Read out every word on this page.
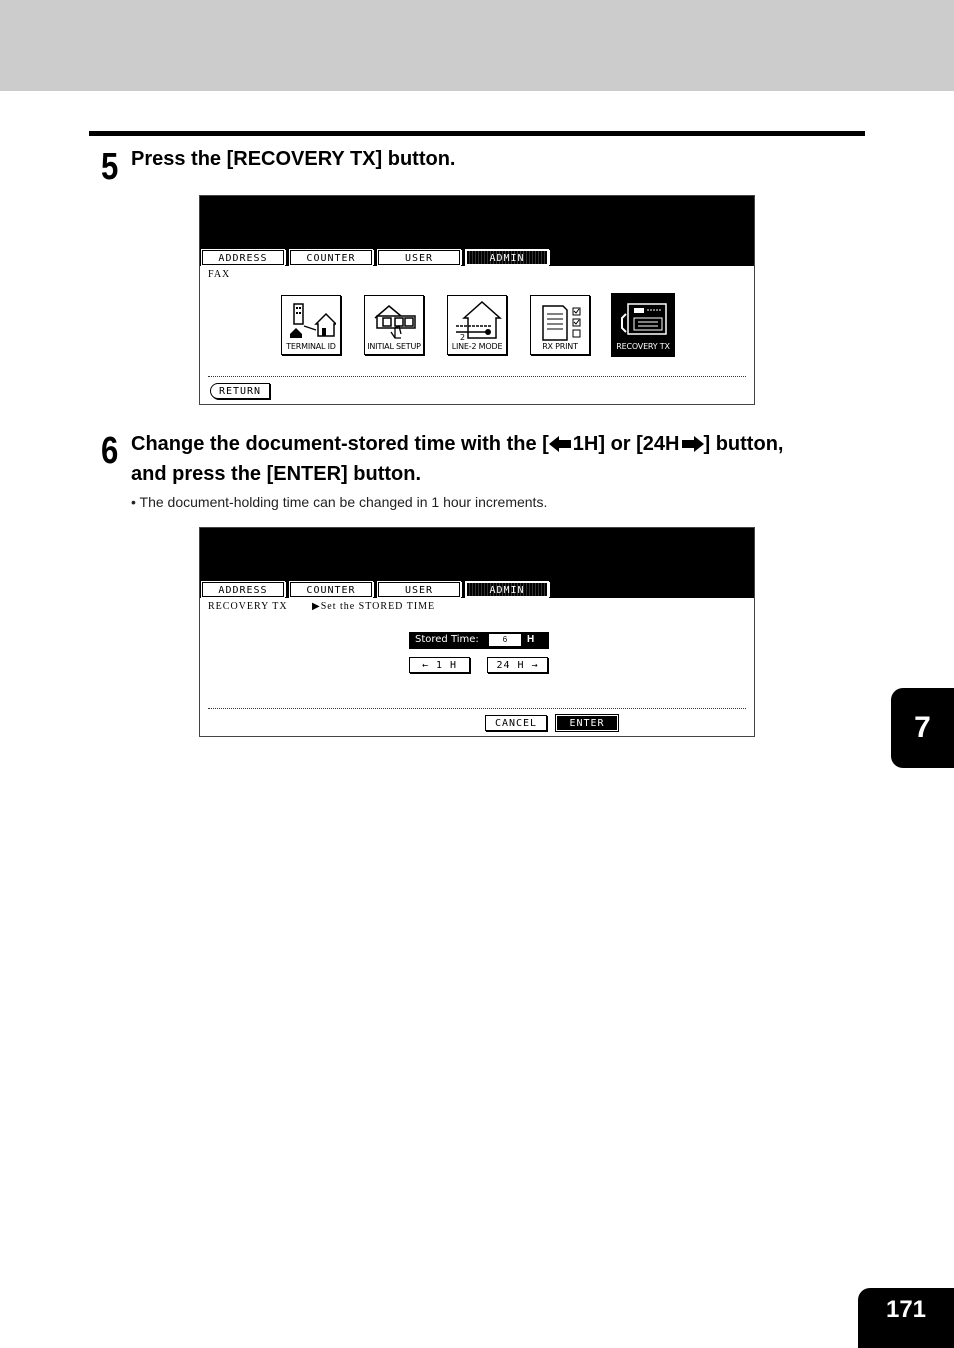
5 Press the [RECOVERY TX] button.
ADDRESS	COUNTER	USER	ADMIN
FAX
TERMINAL ID	INITIAL SETUP
2
LINE-2 MODE	RX PRINT	RECOVERY TX
RETURN
6 Change the document-stored time with the [ 1H] or [24H ] button,
and press the [ENTER] button.
• The document-holding time can be changed in 1 hour increments.
ADDRESS	COUNTER	USER	ADMIN
RECOVERY TX ▶Set the STORED TIME
Stored Time:	6	H
← 1 H	24 H →
CANCEL	ENTER	7
171
